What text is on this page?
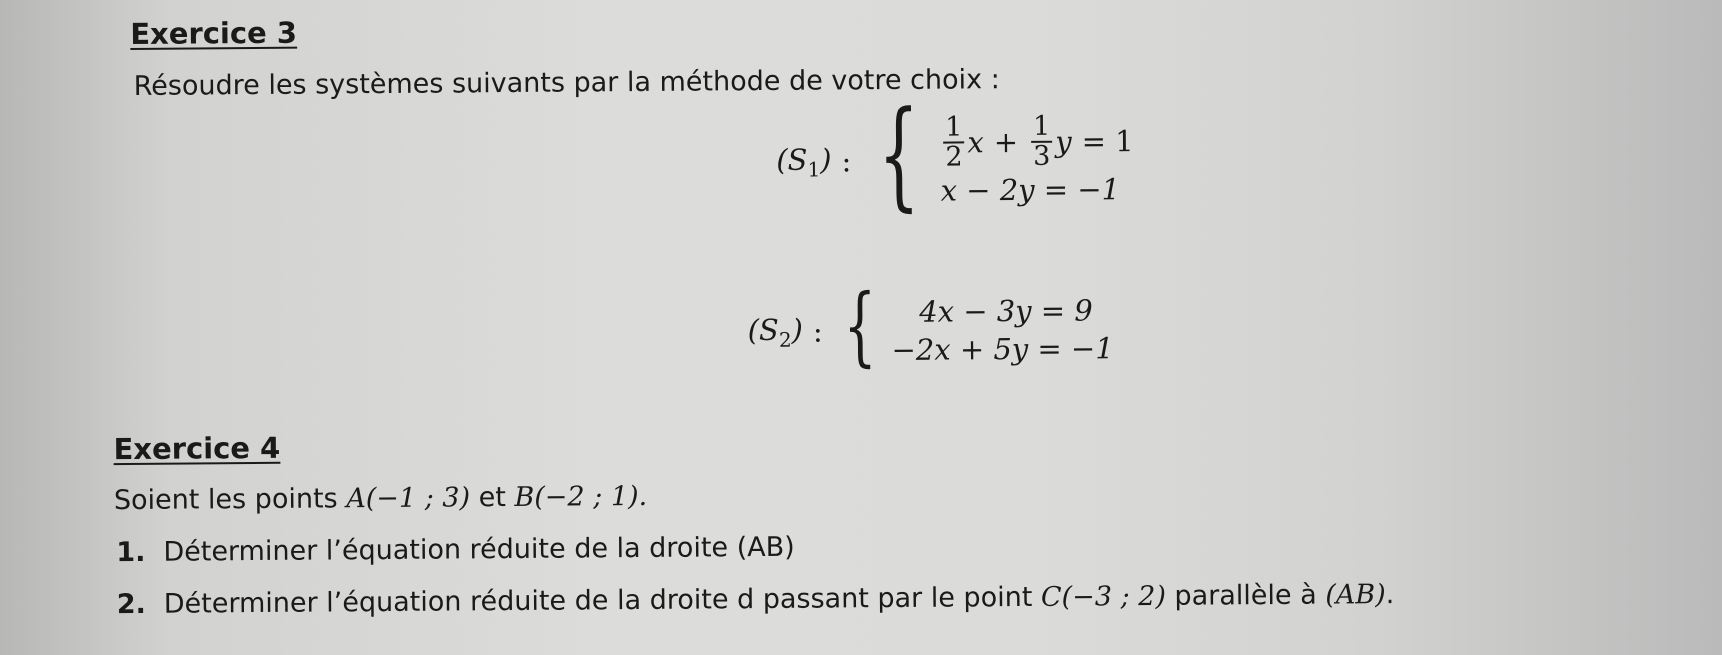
Exercice 3
Résoudre les systèmes suivants par la méthode de votre choix :
$(S_1)$ : { $\frac{1}{2}$ $x + \frac{1}{3}$ y = 1
x − 2y = −1
$(S_2)$ : {	4x − 3y = 9
−2x + 5y = −1
Exercice 4
Soient les points A(−1 ; 3) et B(−2 ; 1).
1. Déterminer l’équation réduite de la droite (AB)
2. Déterminer l’équation réduite de la droite d passant par le point C(−3 ; 2) parallèle à (AB).
